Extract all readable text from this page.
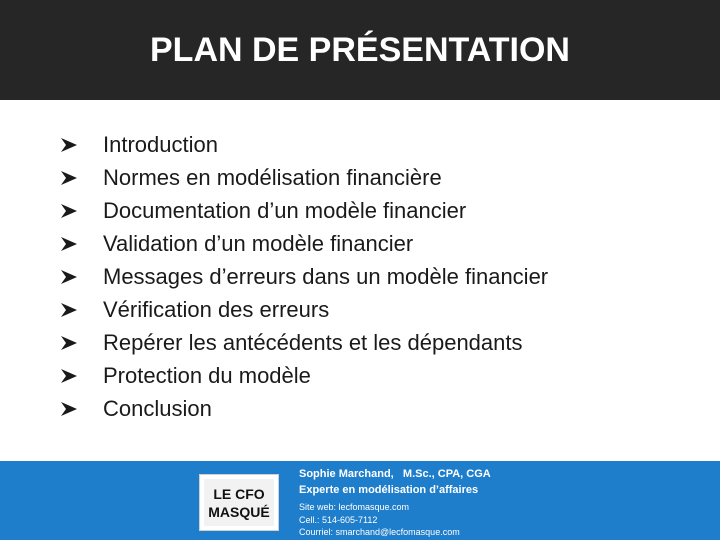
PLAN DE PRÉSENTATION
Introduction
Normes en modélisation financière
Documentation d’un modèle financier
Validation d’un modèle financier
Messages d’erreurs dans un modèle financier
Vérification des erreurs
Repérer les antécédents et les dépendants
Protection du modèle
Conclusion
LE CFO
MASQUÉ
Sophie Marchand,   M.Sc., CPA, CGA
Experte en modélisation d’affaires
Site web: lecfomasque.com
Cell.: 514-605-7112
Courriel: smarchand@lecfomasque.com
